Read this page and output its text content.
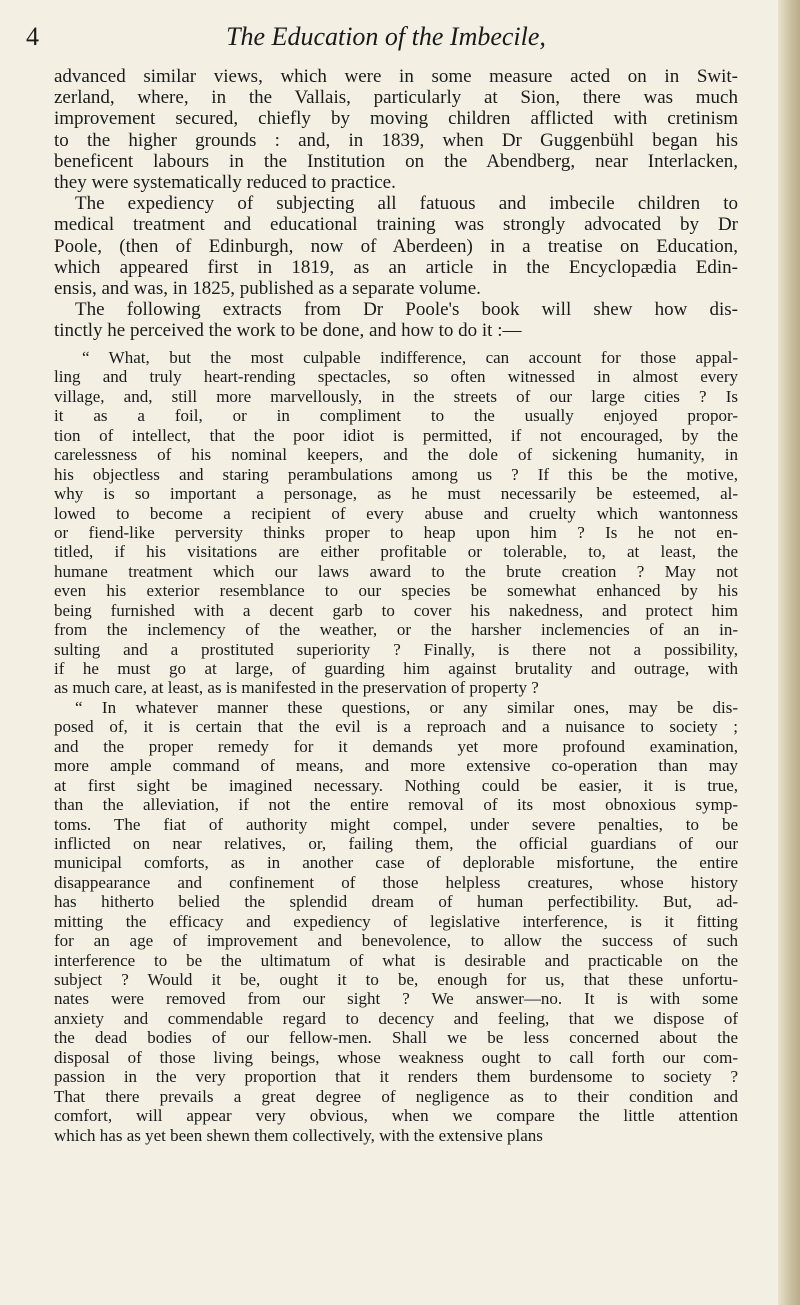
4	The Education of the Imbecile,
advanced similar views, which were in some measure acted on in Swit-
zerland, where, in the Vallais, particularly at Sion, there was much
improvement secured, chiefly by moving children afflicted with cretinism
to the higher grounds : and, in 1839, when Dr Guggenbühl began his
beneficent labours in the Institution on the Abendberg, near Interlacken,
they were systematically reduced to practice.
The expediency of subjecting all fatuous and imbecile children to
medical treatment and educational training was strongly advocated by Dr
Poole, (then of Edinburgh, now of Aberdeen) in a treatise on Education,
which appeared first in 1819, as an article in the Encyclopædia Edin-
ensis, and was, in 1825, published as a separate volume.
The following extracts from Dr Poole's book will shew how dis-
tinctly he perceived the work to be done, and how to do it :—
“ What, but the most culpable indifference, can account for those appal-
ling and truly heart-rending spectacles, so often witnessed in almost every
village, and, still more marvellously, in the streets of our large cities ? Is
it as a foil, or in compliment to the usually enjoyed propor-
tion of intellect, that the poor idiot is permitted, if not encouraged, by the
carelessness of his nominal keepers, and the dole of sickening humanity, in
his objectless and staring perambulations among us ? If this be the motive,
why is so important a personage, as he must necessarily be esteemed, al-
lowed to become a recipient of every abuse and cruelty which wantonness
or fiend-like perversity thinks proper to heap upon him ? Is he not en-
titled, if his visitations are either profitable or tolerable, to, at least, the
humane treatment which our laws award to the brute creation ? May not
even his exterior resemblance to our species be somewhat enhanced by his
being furnished with a decent garb to cover his nakedness, and protect him
from the inclemency of the weather, or the harsher inclemencies of an in-
sulting and a prostituted superiority ? Finally, is there not a possibility,
if he must go at large, of guarding him against brutality and outrage, with
as much care, at least, as is manifested in the preservation of property ?
“ In whatever manner these questions, or any similar ones, may be dis-
posed of, it is certain that the evil is a reproach and a nuisance to society ;
and the proper remedy for it demands yet more profound examination,
more ample command of means, and more extensive co-operation than may
at first sight be imagined necessary. Nothing could be easier, it is true,
than the alleviation, if not the entire removal of its most obnoxious symp-
toms. The fiat of authority might compel, under severe penalties, to be
inflicted on near relatives, or, failing them, the official guardians of our
municipal comforts, as in another case of deplorable misfortune, the entire
disappearance and confinement of those helpless creatures, whose history
has hitherto belied the splendid dream of human perfectibility. But, ad-
mitting the efficacy and expediency of legislative interference, is it fitting
for an age of improvement and benevolence, to allow the success of such
interference to be the ultimatum of what is desirable and practicable on the
subject ? Would it be, ought it to be, enough for us, that these unfortu-
nates were removed from our sight ? We answer—no. It is with some
anxiety and commendable regard to decency and feeling, that we dispose of
the dead bodies of our fellow-men. Shall we be less concerned about the
disposal of those living beings, whose weakness ought to call forth our com-
passion in the very proportion that it renders them burdensome to society ?
That there prevails a great degree of negligence as to their condition and
comfort, will appear very obvious, when we compare the little attention
which has as yet been shewn them collectively, with the extensive plans
